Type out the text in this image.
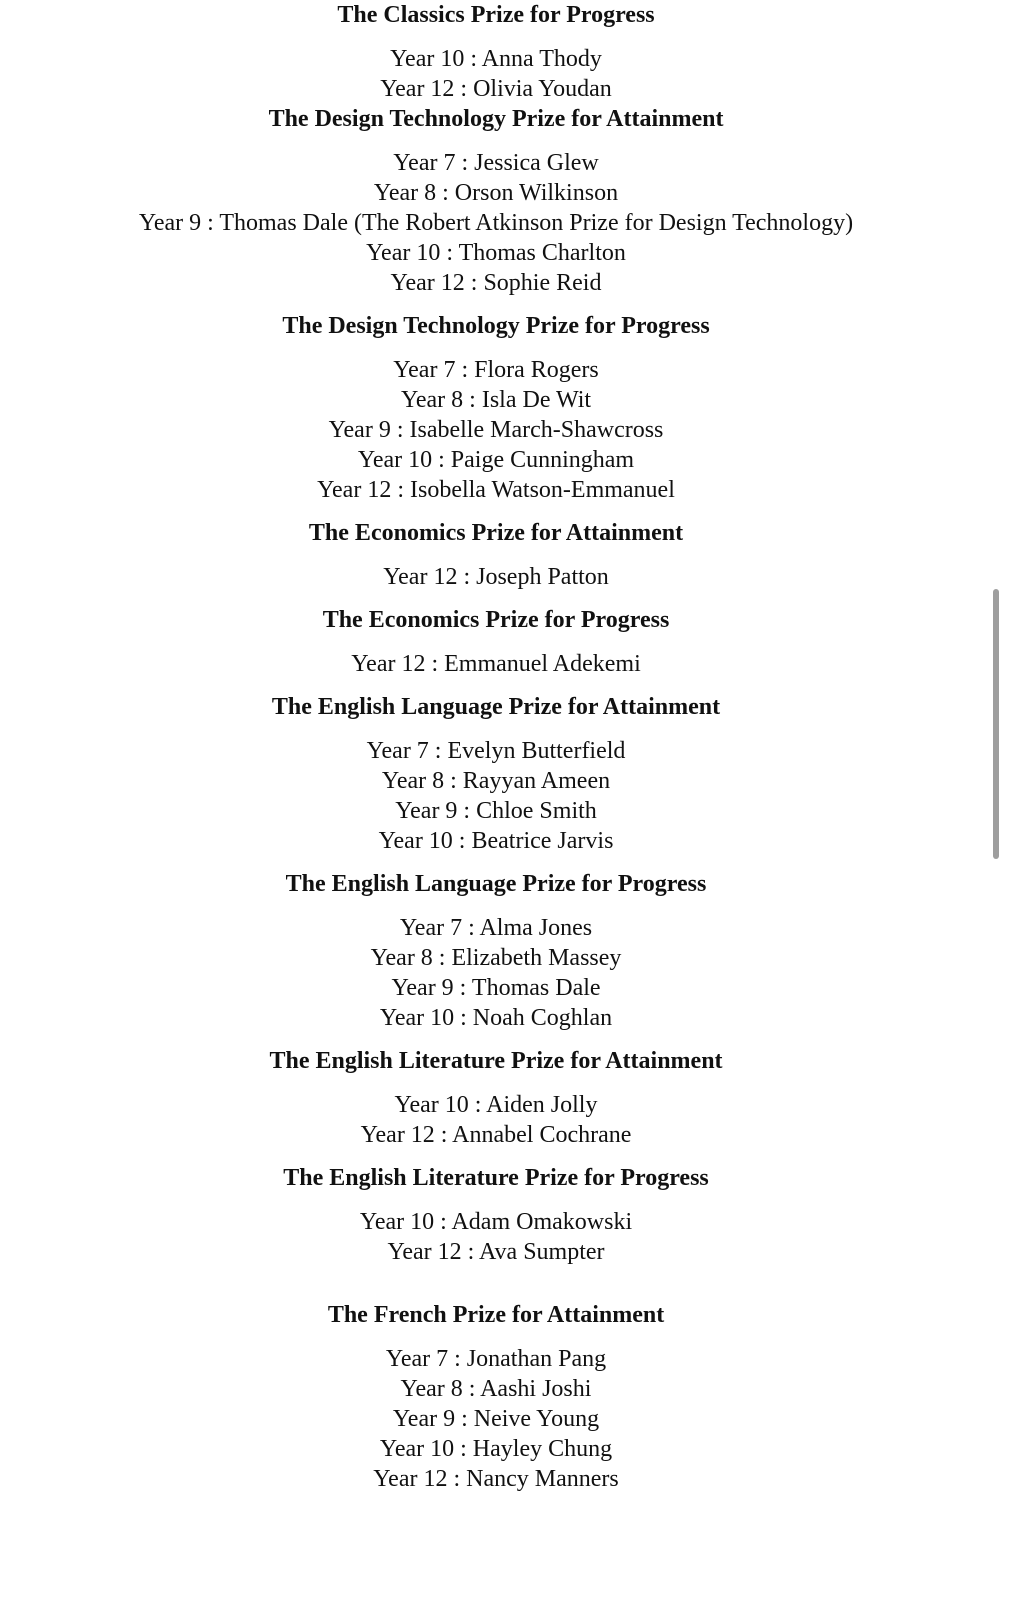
The Classics Prize for Progress
Year 10 : Anna Thody
Year 12 : Olivia Youdan
The Design Technology Prize for Attainment
Year 7 : Jessica Glew
Year 8 : Orson Wilkinson
Year 9 : Thomas Dale (The Robert Atkinson Prize for Design Technology)
Year 10 : Thomas Charlton
Year 12 : Sophie Reid
The Design Technology Prize for Progress
Year 7 : Flora Rogers
Year 8 : Isla De Wit
Year 9 : Isabelle March-Shawcross
Year 10 : Paige Cunningham
Year 12 : Isobella Watson-Emmanuel
The Economics Prize for Attainment
Year 12 : Joseph Patton
The Economics Prize for Progress
Year 12 : Emmanuel Adekemi
The English Language Prize for Attainment
Year 7 : Evelyn Butterfield
Year 8 : Rayyan Ameen
Year 9 : Chloe Smith
Year 10 : Beatrice Jarvis
The English Language Prize for Progress
Year 7 : Alma Jones
Year 8 : Elizabeth Massey
Year 9 : Thomas Dale
Year 10 : Noah Coghlan
The English Literature Prize for Attainment
Year 10 : Aiden Jolly
Year 12 : Annabel Cochrane
The English Literature Prize for Progress
Year 10 : Adam Omakowski
Year 12 : Ava Sumpter
The French Prize for Attainment
Year 7 : Jonathan Pang
Year 8 : Aashi Joshi
Year 9 : Neive Young
Year 10 : Hayley Chung
Year 12 : Nancy Manners
